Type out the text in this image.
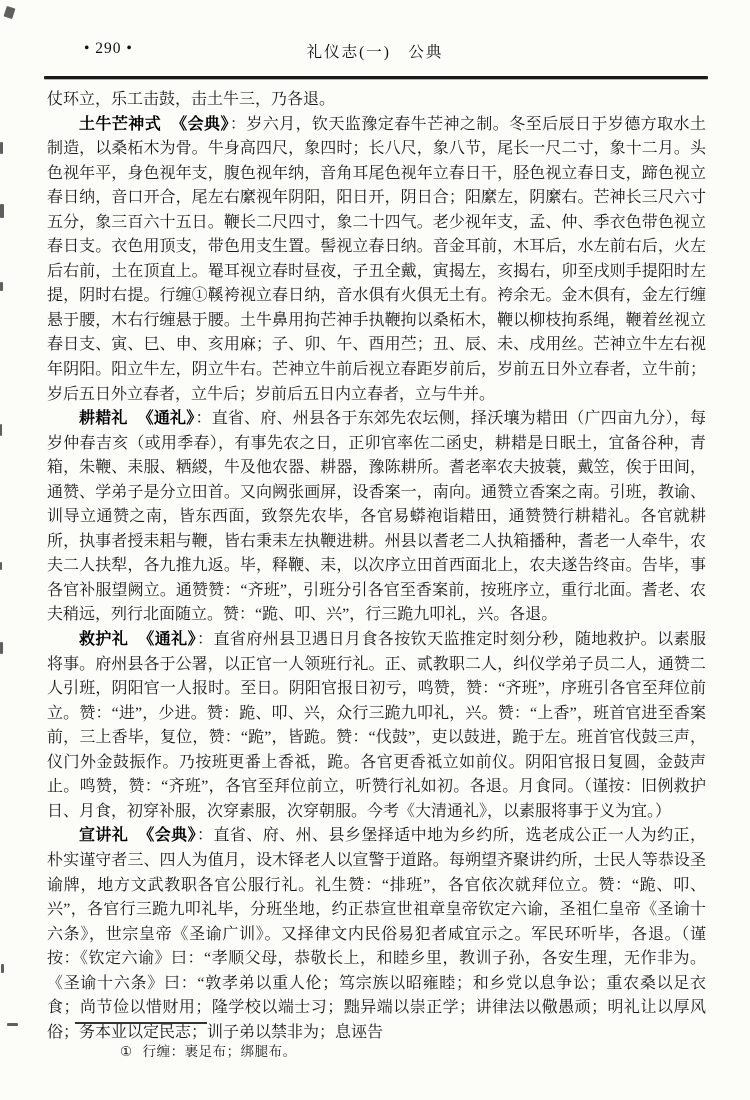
• 290 •	礼仪志(一)　公典

仗环立，乐工击鼓，击土牛三，乃各退。

土牛芒神式 《会典》：岁六月，钦天监豫定春牛芒神之制。冬至后辰日于岁德方取水土制造，以桑柘木为骨。牛身高四尺，象四时；长八尺，象八节，尾长一尺二寸，象十二月。头色视年平，身色视年支，腹色视年纳，音角耳尾色视年立春日干，胫色视立春日支，蹄色视立春日纳，音口开合，尾左右縻视年阴阳，阳日开，阴日合；阳縻左，阴縻右。芒神长三尺六寸五分，象三百六十五日。鞭长二尺四寸，象二十四气。老少视年支，孟、仲、季衣色带色视立春日支。衣色用顶支，带色用支生置。髻视立春日纳。音金耳前，木耳后，水左前右后，火左后右前，土在顶直上。罨耳视立春时昼夜，子丑全戴，寅揭左，亥揭右，卯至戌则手提阳时左提，阴时右提。行缠①鞵袴视立春日纳，音水俱有火俱无土有。袴余无。金木俱有，金左行缠悬于腰，木右行缠悬于腰。土牛鼻用拘芒神手执鞭拘以桑柘木，鞭以柳枝拘系绳，鞭着丝视立春日支、寅、巳、申、亥用麻；子、卯、午、酉用苎；丑、辰、未、戌用丝。芒神立牛左右视年阴阳。阳立牛左，阴立牛右。芒神立牛前后视立春距岁前后，岁前五日外立春者，立牛前；岁后五日外立春者，立牛后；岁前后五日内立春者，立与牛并。

耕耤礼 《通礼》：直省、府、州县各于东郊先农坛侧，择沃壤为耤田（广四亩九分），每岁仲春吉亥（或用季春），有事先农之日，正卯官率佐二函史，耕耤是日眠土，宜备谷种，青箱，朱鞭、耒服、粞緵，牛及他农器、耕器，豫陈耕所。耆老率农夫披蓑，戴笠，俟于田间，通赞、学弟子是分立田首。又向阙张画屏，设香案一，南向。通赞立香案之南。引班，教谕、训导立通赞之南，皆东西面，致祭先农毕，各官易蟒袍诣耤田，通赞赞行耕耤礼。各官就耕所，执事者授耒耜与鞭，皆右秉耒左执鞭进耕。州县以耆老二人执箱播种，耆老一人牵牛，农夫二人扶犁，各九推九返。毕，释鞭、耒，以次序立田首西面北上，农夫遂告终亩。告毕，事各官补服望阙立。通赞赞：“齐班”，引班分引各官至香案前，按班序立，重行北面。耆老、农夫稍远，列行北面随立。赞：“跪、叩、兴”，行三跪九叩礼，兴。各退。

救护礼 《通礼》：直省府州县卫遇日月食各按钦天监推定时刻分秒，随地救护。以素服将事。府州县各于公署，以正官一人领班行礼。正、贰教职二人，纠仪学弟子员二人，通赞二人引班，阴阳官一人报时。至日。阴阳官报日初亏，鸣赞，赞：“齐班”，序班引各官至拜位前立。赞：“进”，少进。赞：跪、叩、兴，众行三跪九叩礼，兴。赞：“上香”，班首官进至香案前，三上香毕，复位，赞：“跪”，皆跪。赞：“伐鼓”，吏以鼓进，跪于左。班首官伐鼓三声，仪门外金鼓振作。乃按班更番上香祗，跪。各官更香祗立如前仪。阴阳官报日复圆，金鼓声止。鸣赞，赞：“齐班”，各官至拜位前立，听赞行礼如初。各退。月食同。（谨按：旧例救护日、月食，初穿补服，次穿素服，次穿朝服。今考《大清通礼》，以素服将事于义为宜。）

宣讲礼 《会典》：直省、府、州、县乡堡择适中地为乡约所，选老成公正一人为约正，朴实谨守者三、四人为值月，设木铎老人以宣警于道路。每朔望齐聚讲约所，士民人等恭设圣谕牌，地方文武教职各官公服行礼。礼生赞：“排班”，各官依次就拜位立。赞：“跪、叩、兴”，各官行三跪九叩礼毕，分班坐地，约正恭宣世祖章皇帝钦定六谕，圣祖仁皇帝《圣谕十六条》，世宗皇帝《圣谕广训》。又择律文内民俗易犯者咸宜示之。军民环听毕，各退。（谨按：《钦定六谕》曰：“孝顺父母，恭敬长上，和睦乡里，教训子孙，各安生理，无作非为。《圣谕十六条》曰：“敦孝弟以重人伦；笃宗族以昭雍睦；和乡党以息争讼；重农桑以足衣食；尚节俭以惜财用；隆学校以端士习；黜异端以崇正学；讲律法以儆愚顽；明礼让以厚风俗；务本业以定民志；训子弟以禁非为；息诬告

① 行缠：裹足布；绑腿布。
